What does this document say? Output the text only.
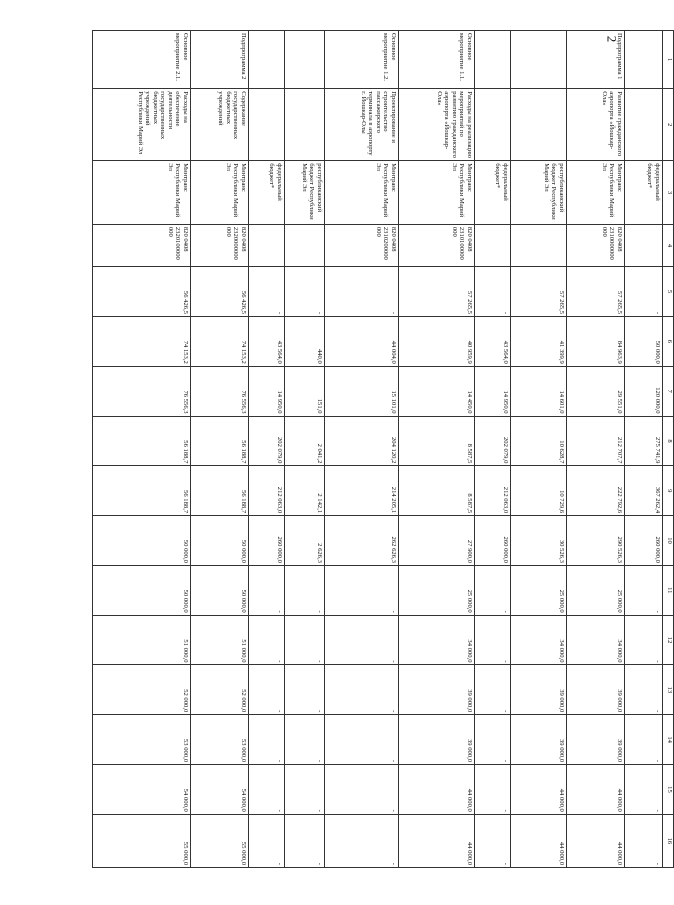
2
1	2	3	4	5	6	7	8	9	10	11	12	13	14	15	16
		федеральный бюджет*		-	50 000,0	120 000,0	275 741,9	367 262,4	260 000,0	-	-	-	-	-	-
Подпрограмма 1	Развитие гражданского аэропорта «Йошкар-Ола»	Минтранс Республики Марий Эл	820 0408 2310000000 000	57 265,5	84 963,9	29 551,0	212 707,7	222 792,6	290 526,3	25 000,0	34 000,0	39 000,0	39 000,0	44 000,0	44 000,0
		республиканский бюджет Республики Марий Эл		57 265,5	41 399,9	14 601,0	10 628,7	10 729,6	30 526,3	25 000,0	34 000,0	39 000,0	39 000,0	44 000,0	44 000,0
		федеральный бюджет*		-	43 564,0	14 950,0	202 079,0	212 063,0	260 000,0	-	-	-	-	-	-
Основное мероприятие 1.1.	Расходы на реализацию мероприятий по развитию гражданского аэропорта «Йошкар-Ола»	Минтранс Республики Марий Эл	820 0408 2310100000 000	57 265,5	40 959,9	14 450,0	8 587,5	8 587,5	27 900,0	25 000,0	34 000,0	39 000,0	39 000,0	44 000,0	44 000,0
Основное мероприятие 1.2.	Проектирование и строительство пассажирского терминала в аэропорту г. Йошкар-Олы	Минтранс Республики Марий Эл	820 0408 2310200000 000	-	44 004,0	15 101,0	204 120,2	214 205,1	262 626,3	-	-	-	-	-	-
		республиканский бюджет Республики Марий Эл		-	440,0	151,0	2 041,2	2 142,1	2 626,3	-	-	-	-	-	-
		федеральный бюджет*		-	43 564,0	14 950,0	202 079,0	212 063,0	260 000,0	-	-	-	-	-	-
Подпрограмма 2	Содержание государственных бюджетных учреждений	Минтранс Республики Марий Эл	820 0408 2320000000 000	56 426,5	74 153,2	76 556,3	56 188,7	56 188,7	50 000,0	50 000,0	51 000,0	52 000,0	53 000,0	54 000,0	55 000,0
Основное мероприятие 2.1.	Расходы на обеспечение деятельности государственных бюджетных учреждений Республики Марий Эл	Минтранс Республики Марий Эл	820 0408 2320100000 000	56 426,5	74 153,2	76 556,3	56 188,7	56 188,7	50 000,0	50 000,0	51 000,0	52 000,0	53 000,0	54 000,0	55 000,0
